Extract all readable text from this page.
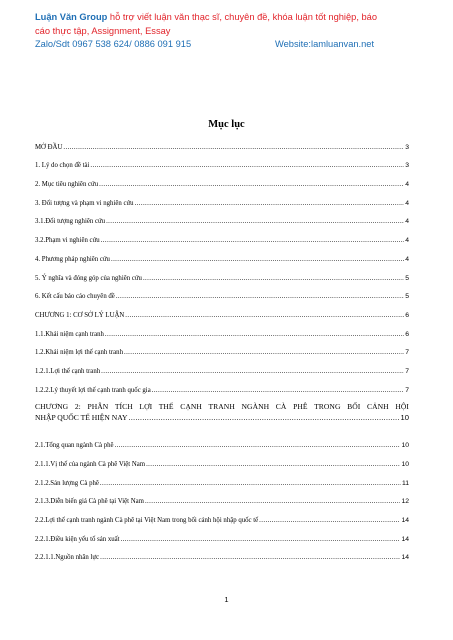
Luận Văn Group hỗ trợ viết luận văn thạc sĩ, chuyên đề, khóa luận tốt nghiệp, báo
cáo thực tập, Assignment, Essay
Zalo/Sdt 0967 538 624/ 0886 091 915	Website:lamluanvan.net
Mục lục
MỞ ĐẦU .....	3
1. Lý do chọn đề tài .....	3
2. Mục tiêu nghiên cứu .....	4
3. Đối tượng và phạm vi nghiên cứu .....	4
3.1.Đối tượng nghiên cứu .....	4
3.2.Phạm vi nghiên cứu .....	4
4. Phương pháp nghiên cứu .....	4
5. Ý nghĩa và đóng góp của nghiên cứu .....	5
6. Kết cấu báo cáo chuyên đề .....	5
CHƯƠNG 1: CƠ SỞ LÝ LUẬN .....	6
1.1.Khái niệm cạnh tranh .....	6
1.2.Khái niệm lợi thế cạnh tranh .....	7
1.2.1.Lợi thế cạnh tranh .....	7
1.2.2.Lý thuyết lợi thế cạnh tranh quốc gia .....	7
CHƯƠNG 2: PHÂN TÍCH LỢI THẾ CẠNH TRANH NGÀNH CÀ PHÊ TRONG BỐI CẢNH HỘI
NHẬP QUỐC TẾ HIỆN NAY .....	10
2.1.Tổng quan ngành Cà phê .....	10
2.1.1.Vị thế của ngành Cà phê Việt Nam .....	10
2.1.2.Sản lượng Cà phê .....	11
2.1.3.Diễn biến giá Cà phê tại Việt Nam .....	12
2.2.Lợi thế cạnh tranh ngành Cà phê tại Việt Nam trong bối cảnh hội nhập quốc tế .....	14
2.2.1.Điều kiện yếu tố sản xuất .....	14
2.2.1.1.Nguồn nhân lực .....	14
1
